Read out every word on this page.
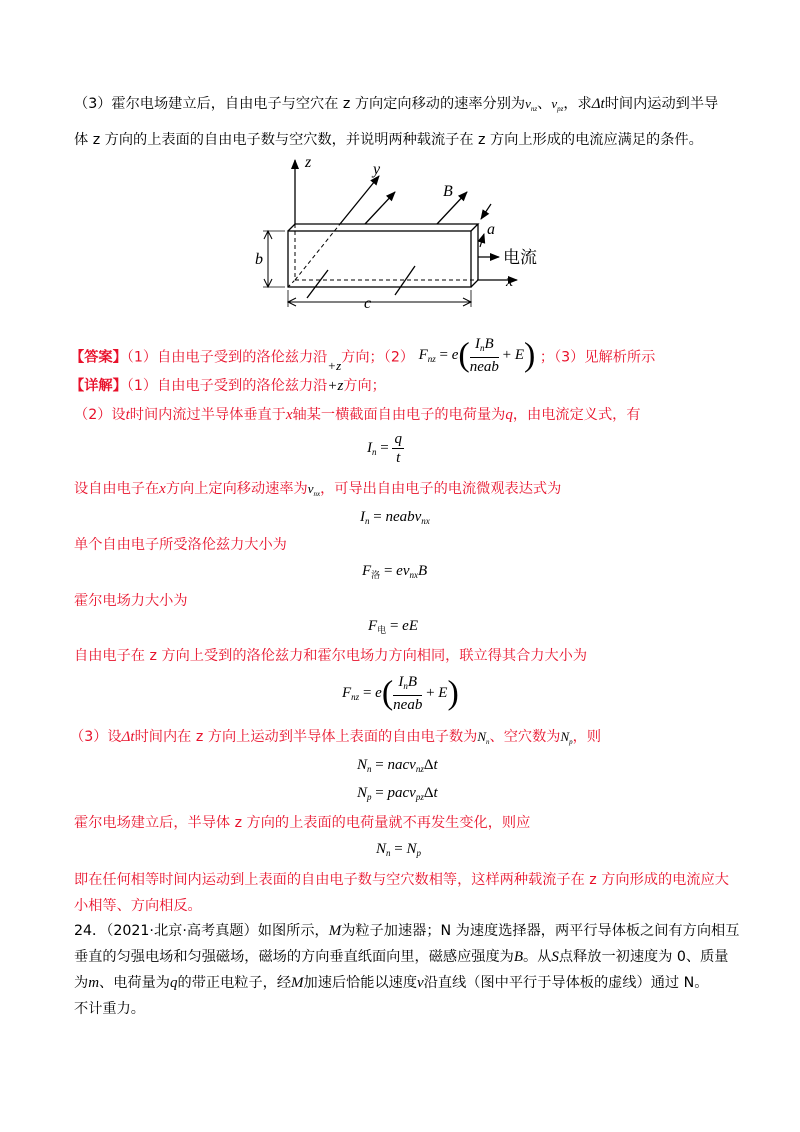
（3）霍尔电场建立后，自由电子与空穴在 z 方向定向移动的速率分别为$v_{nz}$、$v_{pz}$，求Δt时间内运动到半导
体 z 方向的上表面的自由电子数与空穴数，并说明两种载流子在 z 方向上形成的电流应满足的条件。
z	y
B
a
电流
x
b
c
【答案】（1）自由电子受到的洛伦兹力沿+z方向；（2） $F_{nz} = e( \frac{I_nB}{\text{neab}} + E)$ ；（3）见解析所示
【详解】（1）自由电子受到的洛伦兹力沿+z方向；
（2）设t时间内流过半导体垂直于x轴某一横截面自由电子的电荷量为q，由电流定义式，有
$I_n = \frac{q}{t}$
设自由电子在x方向上定向移动速率为$v_{nx}$，可导出自由电子的电流微观表达式为
$I_n$ = neabv$_{nx}$
单个自由电子所受洛伦兹力大小为
$F_洛 = ev_{nx}B$
霍尔电场力大小为
$F_电$ = eE
自由电子在 z 方向上受到的洛伦兹力和霍尔电场力方向相同，联立得其合力大小为
$F_{nz} = e( \frac{I_nB}{\text{neab}} + E)$
（3）设Δt时间内在 z 方向上运动到半导体上表面的自由电子数为$N_n$、空穴数为$N_p$，则
$N_n$ = nacv$_{nz}$Δt
$N_p$ = pacv$_{pz}$Δt
霍尔电场建立后，半导体 z 方向的上表面的电荷量就不再发生变化，则应
$N_n = N_p$
即在任何相等时间内运动到上表面的自由电子数与空穴数相等，这样两种载流子在 z 方向形成的电流应大
小相等、方向相反。
24．（2021·北京·高考真题）如图所示，M为粒子加速器；N 为速度选择器，两平行导体板之间有方向相互
垂直的匀强电场和匀强磁场，磁场的方向垂直纸面向里，磁感应强度为B。从S点释放一初速度为 0、质量
为m、电荷量为q的带正电粒子，经M加速后恰能以速度v沿直线（图中平行于导体板的虚线）通过 N。
不计重力。
